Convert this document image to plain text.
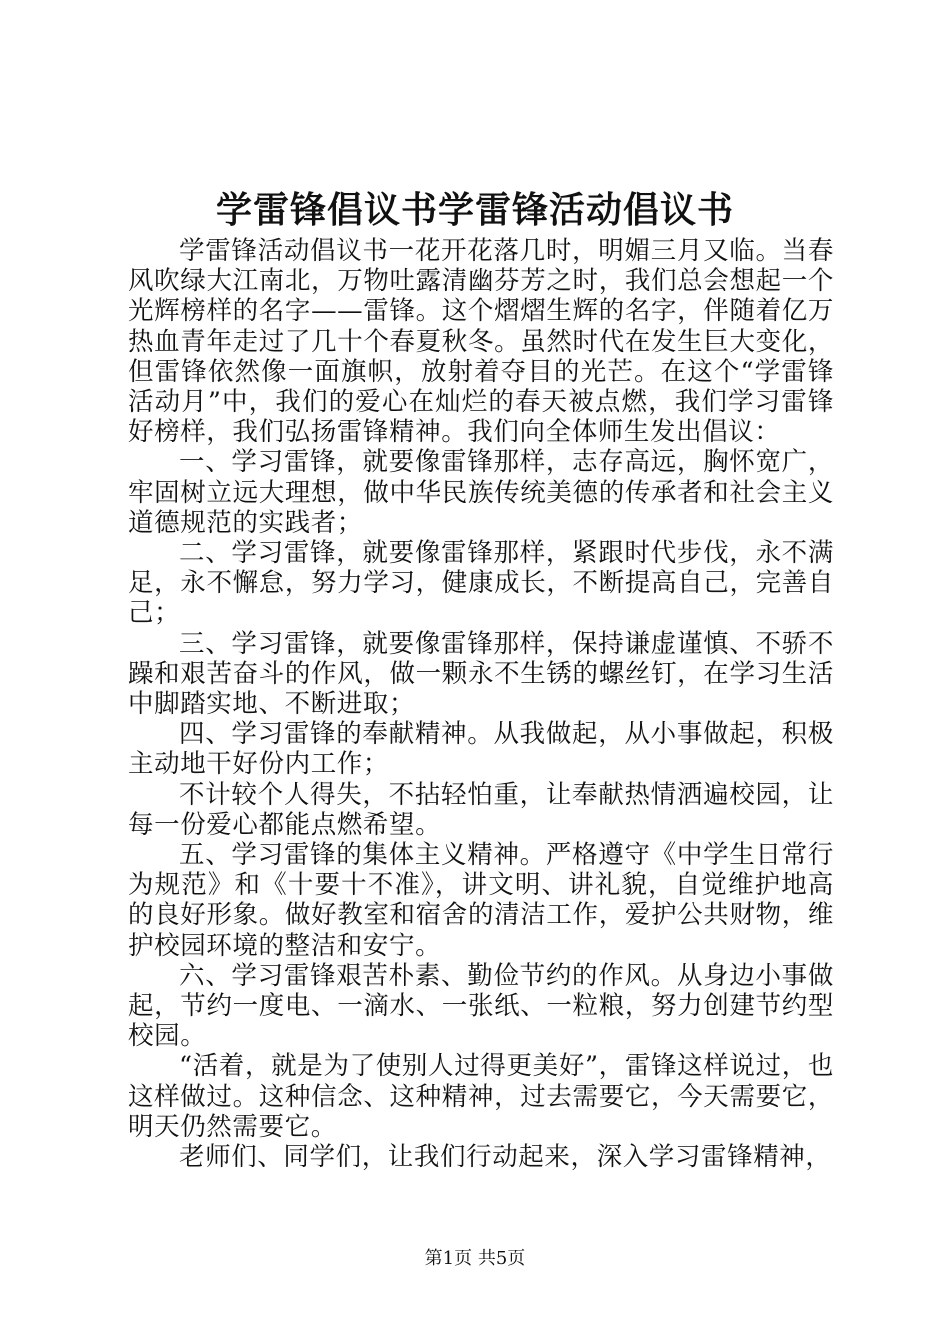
学雷锋倡议书学雷锋活动倡议书

学雷锋活动倡议书一花开花落几时，明媚三月又临。当春风吹绿大江南北，万物吐露清幽芬芳之时，我们总会想起一个光辉榜样的名字——雷锋。这个熠熠生辉的名字，伴随着亿万热血青年走过了几十个春夏秋冬。虽然时代在发生巨大变化，但雷锋依然像一面旗帜，放射着夺目的光芒。在这个“学雷锋活动月”中，我们的爱心在灿烂的春天被点燃，我们学习雷锋好榜样，我们弘扬雷锋精神。我们向全体师生发出倡议：

一、学习雷锋，就要像雷锋那样，志存高远，胸怀宽广，牢固树立远大理想，做中华民族传统美德的传承者和社会主义道德规范的实践者；

二、学习雷锋，就要像雷锋那样，紧跟时代步伐，永不满足，永不懈怠，努力学习，健康成长，不断提高自己，完善自己；

三、学习雷锋，就要像雷锋那样，保持谦虚谨慎、不骄不躁和艰苦奋斗的作风，做一颗永不生锈的螺丝钉，在学习生活中脚踏实地、不断进取；

四、学习雷锋的奉献精神。从我做起，从小事做起，积极主动地干好份内工作；

不计较个人得失，不拈轻怕重，让奉献热情洒遍校园，让每一份爱心都能点燃希望。

五、学习雷锋的集体主义精神。严格遵守《中学生日常行为规范》和《十要十不准》，讲文明、讲礼貌，自觉维护地高的良好形象。做好教室和宿舍的清洁工作，爱护公共财物，维护校园环境的整洁和安宁。

六、学习雷锋艰苦朴素、勤俭节约的作风。从身边小事做起，节约一度电、一滴水、一张纸、一粒粮，努力创建节约型校园。

“活着，就是为了使别人过得更美好”，雷锋这样说过，也这样做过。这种信念、这种精神，过去需要它，今天需要它，明天仍然需要它。

老师们、同学们，让我们行动起来，深入学习雷锋精神，

第1页 共5页
